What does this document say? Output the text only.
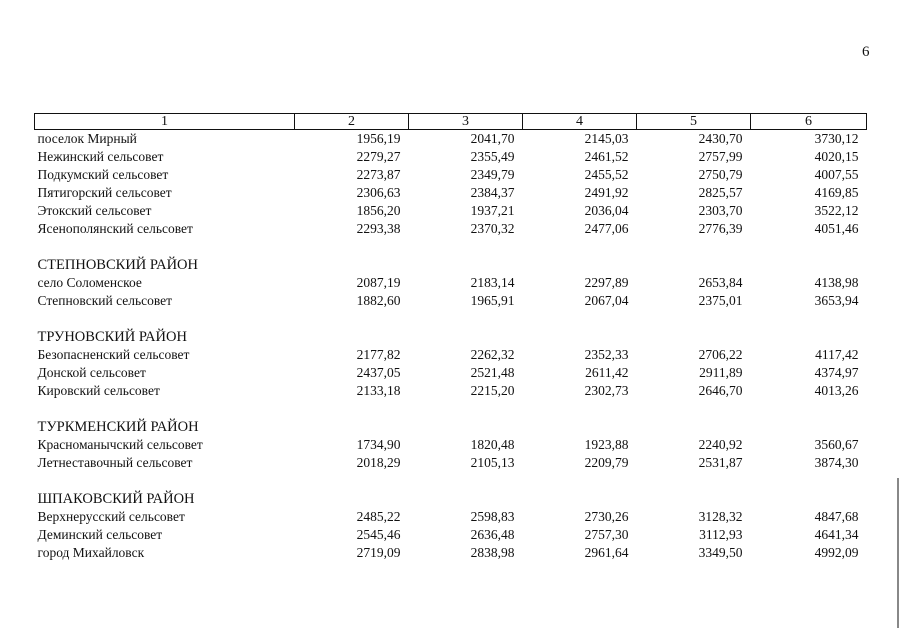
6
1	2	3	4	5	6
поселок Мирный	1956,19	2041,70	2145,03	2430,70	3730,12
Нежинский сельсовет	2279,27	2355,49	2461,52	2757,99	4020,15
Подкумский сельсовет	2273,87	2349,79	2455,52	2750,79	4007,55
Пятигорский сельсовет	2306,63	2384,37	2491,92	2825,57	4169,85
Этокский сельсовет	1856,20	1937,21	2036,04	2303,70	3522,12
Ясенополянский сельсовет	2293,38	2370,32	2477,06	2776,39	4051,46

СТЕПНОВСКИЙ РАЙОН					
село Соломенское	2087,19	2183,14	2297,89	2653,84	4138,98
Степновский сельсовет	1882,60	1965,91	2067,04	2375,01	3653,94

ТРУНОВСКИЙ РАЙОН					
Безопасненский сельсовет	2177,82	2262,32	2352,33	2706,22	4117,42
Донской сельсовет	2437,05	2521,48	2611,42	2911,89	4374,97
Кировский сельсовет	2133,18	2215,20	2302,73	2646,70	4013,26

ТУРКМЕНСКИЙ РАЙОН					
Красноманычский сельсовет	1734,90	1820,48	1923,88	2240,92	3560,67
Летнеставочный сельсовет	2018,29	2105,13	2209,79	2531,87	3874,30

ШПАКОВСКИЙ РАЙОН					
Верхнерусский сельсовет	2485,22	2598,83	2730,26	3128,32	4847,68
Деминский сельсовет	2545,46	2636,48	2757,30	3112,93	4641,34
город Михайловск	2719,09	2838,98	2961,64	3349,50	4992,09
